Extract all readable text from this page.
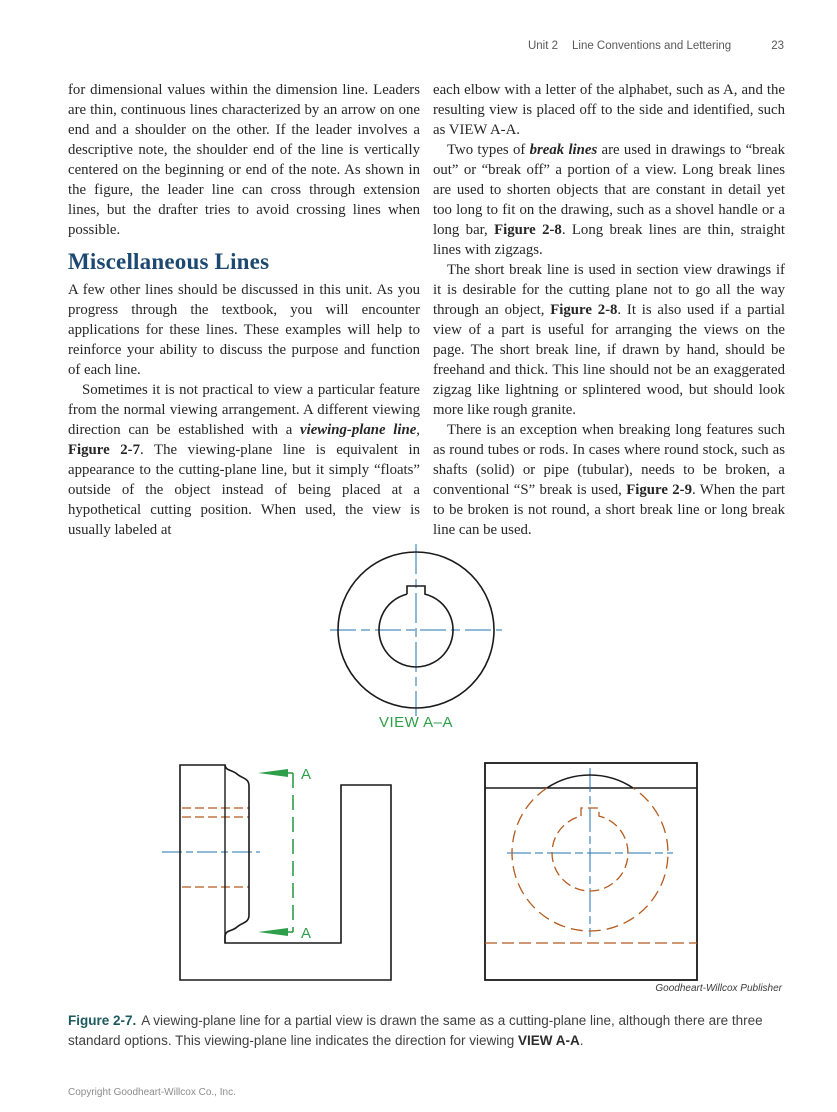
Unit 2 Line Conventions and Lettering	23

for dimensional values within the dimension line. Leaders are thin, continuous lines characterized by an arrow on one end and a shoulder on the other. If the leader involves a descriptive note, the shoulder end of the line is vertically centered on the beginning or end of the note. As shown in the figure, the leader line can cross through extension lines, but the drafter tries to avoid crossing lines when possible.

Miscellaneous Lines

A few other lines should be discussed in this unit. As you progress through the textbook, you will encounter applications for these lines. These examples will help to reinforce your ability to discuss the purpose and function of each line.

Sometimes it is not practical to view a particular feature from the normal viewing arrangement. A different viewing direction can be established with a viewing-plane line, Figure 2-7. The viewing-plane line is equivalent in appearance to the cutting-plane line, but it simply “floats” outside of the object instead of being placed at a hypothetical cutting position. When used, the view is usually labeled at

each elbow with a letter of the alphabet, such as A, and the resulting view is placed off to the side and identified, such as VIEW A-A.

Two types of break lines are used in drawings to “break out” or “break off” a portion of a view. Long break lines are used to shorten objects that are constant in detail yet too long to fit on the drawing, such as a shovel handle or a long bar, Figure 2-8. Long break lines are thin, straight lines with zigzags.

The short break line is used in section view drawings if it is desirable for the cutting plane not to go all the way through an object, Figure 2-8. It is also used if a partial view of a part is useful for arranging the views on the page. The short break line, if drawn by hand, should be freehand and thick. This line should not be an exaggerated zigzag like lightning or splintered wood, but should look more like rough granite.

There is an exception when breaking long features such as round tubes or rods. In cases where round stock, such as shafts (solid) or pipe (tubular), needs to be broken, a conventional “S” break is used, Figure 2-9. When the part to be broken is not round, a short break line or long break line can be used.

VIEW A–A
A
A
Goodheart-Willcox Publisher

Figure 2-7. A viewing-plane line for a partial view is drawn the same as a cutting-plane line, although there are three standard options. This viewing-plane line indicates the direction for viewing VIEW A-A.

Copyright Goodheart-Willcox Co., Inc.
